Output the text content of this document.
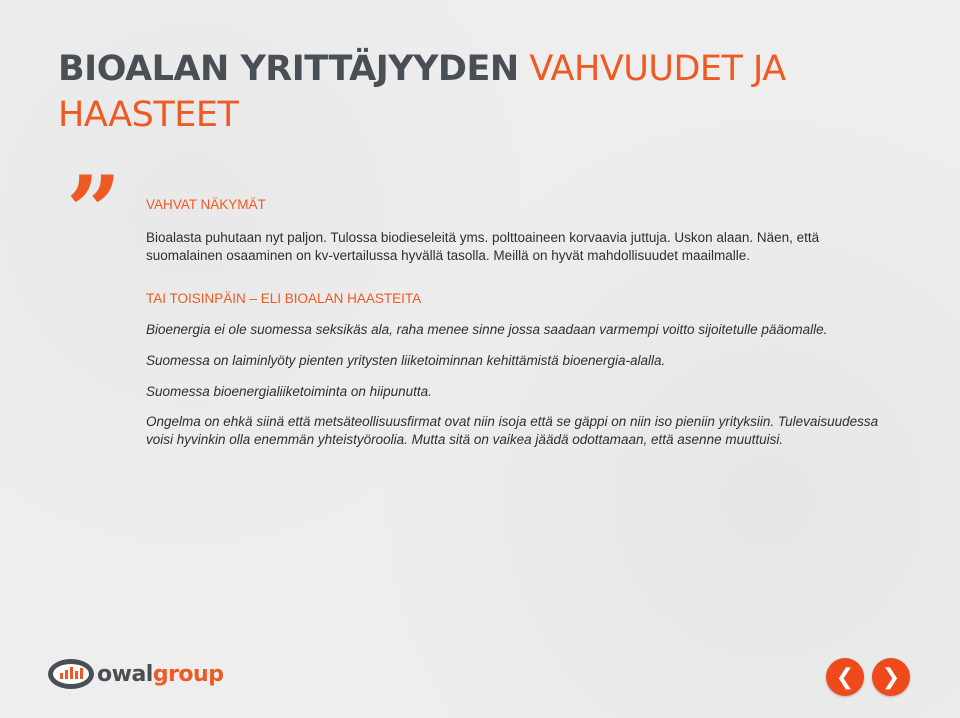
BIOALAN YRITTÄJYYDEN VAHVUUDET JA
HAASTEET
”	VAHVAT NÄKYMÄT

Bioalasta puhutaan nyt paljon. Tulossa biodieseleitä yms. polttoaineen korvaavia juttuja. Uskon alaan. Näen, että suomalainen osaaminen on kv-vertailussa hyvällä tasolla. Meillä on hyvät mahdollisuudet maailmalle.

TAI TOISINPÄIN – ELI BIOALAN HAASTEITA

Bioenergia ei ole suomessa seksikäs ala, raha menee sinne jossa saadaan varmempi voitto sijoitetulle pääomalle.

Suomessa on laiminlyöty pienten yritysten liiketoiminnan kehittämistä bioenergia-alalla.

Suomessa bioenergialiiketoiminta on hiipunutta.

Ongelma on ehkä siinä että metsäteollisuusfirmat ovat niin isoja että se gäppi on niin iso pieniin yrityksiin. Tulevaisuudessa voisi hyvinkin olla enemmän yhteistyöroolia. Mutta sitä on vaikea jäädä odottamaan, että asenne muuttuisi.

owalgroup	❮	❯
